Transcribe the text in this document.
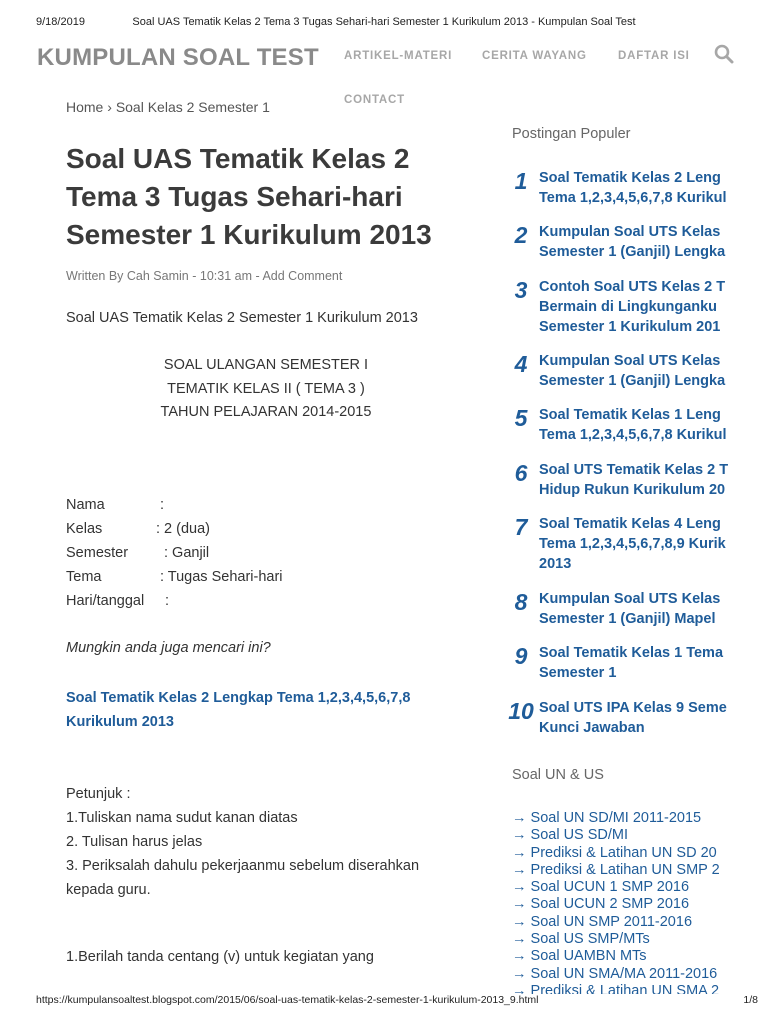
9/18/2019	Soal UAS Tematik Kelas 2 Tema 3 Tugas Sehari-hari Semester 1 Kurikulum 2013 - Kumpulan Soal Test
https://kumpulansoaltest.blogspot.com/2015/06/soal-uas-tematik-kelas-2-semester-1-kurikulum-2013_9.html	1/8
KUMPULAN SOAL TEST ARTIKEL-MATERI	CERITA WAYANG	DAFTAR ISI
CONTACT
Home › Soal Kelas 2 Semester 1
Soal UAS Tematik Kelas 2 Tema 3 Tugas Sehari-hari Semester 1 Kurikulum 2013
Written By Cah Samin - 10:31 am - Add Comment
Soal UAS Tematik Kelas 2 Semester 1 Kurikulum 2013
SOAL ULANGAN SEMESTER I
TEMATIK KELAS II ( TEMA 3 )
TAHUN PELAJARAN 2014-2015
Nama	:
Kelas	: 2 (dua)
Semester : Ganjil
Tema	: Tugas Sehari-hari
Hari/tanggal :
Mungkin anda juga mencari ini?
Soal Tematik Kelas 2 Lengkap Tema 1,2,3,4,5,6,7,8 Kurikulum 2013
Petunjuk :
1.Tuliskan nama sudut kanan diatas
2. Tulisan harus jelas
3. Periksalah dahulu pekerjaanmu sebelum diserahkan kepada guru.
1.Berilah tanda centang (v) untuk kegiatan yang
Postingan Populer
1 Soal Tematik Kelas 2 Leng
Tema 1,2,3,4,5,6,7,8 Kurikul
2 Kumpulan Soal UTS Kelas
Semester 1 (Ganjil) Lengka
3 Contoh Soal UTS Kelas 2 T
Bermain di Lingkunganku
Semester 1 Kurikulum 201
4 Kumpulan Soal UTS Kelas
Semester 1 (Ganjil) Lengka
5 Soal Tematik Kelas 1 Leng
Tema 1,2,3,4,5,6,7,8 Kurikul
6 Soal UTS Tematik Kelas 2 T
Hidup Rukun Kurikulum 20
7 Soal Tematik Kelas 4 Leng
Tema 1,2,3,4,5,6,7,8,9 Kurik
2013
8 Kumpulan Soal UTS Kelas
Semester 1 (Ganjil) Mapel
9 Soal Tematik Kelas 1 Tema
Semester 1
10 Soal UTS IPA Kelas 9 Seme
Kunci Jawaban
Soal UN & US
→ Soal UN SD/MI 2011-2015
→ Soal US SD/MI
→ Prediksi & Latihan UN SD 20
→ Prediksi & Latihan UN SMP 2
→ Soal UCUN 1 SMP 2016
→ Soal UCUN 2 SMP 2016
→ Soal UN SMP 2011-2016
→ Soal US SMP/MTs
→ Soal UAMBN MTs
→ Soal UN SMA/MA 2011-2016
→ Prediksi & Latihan UN SMA 2
